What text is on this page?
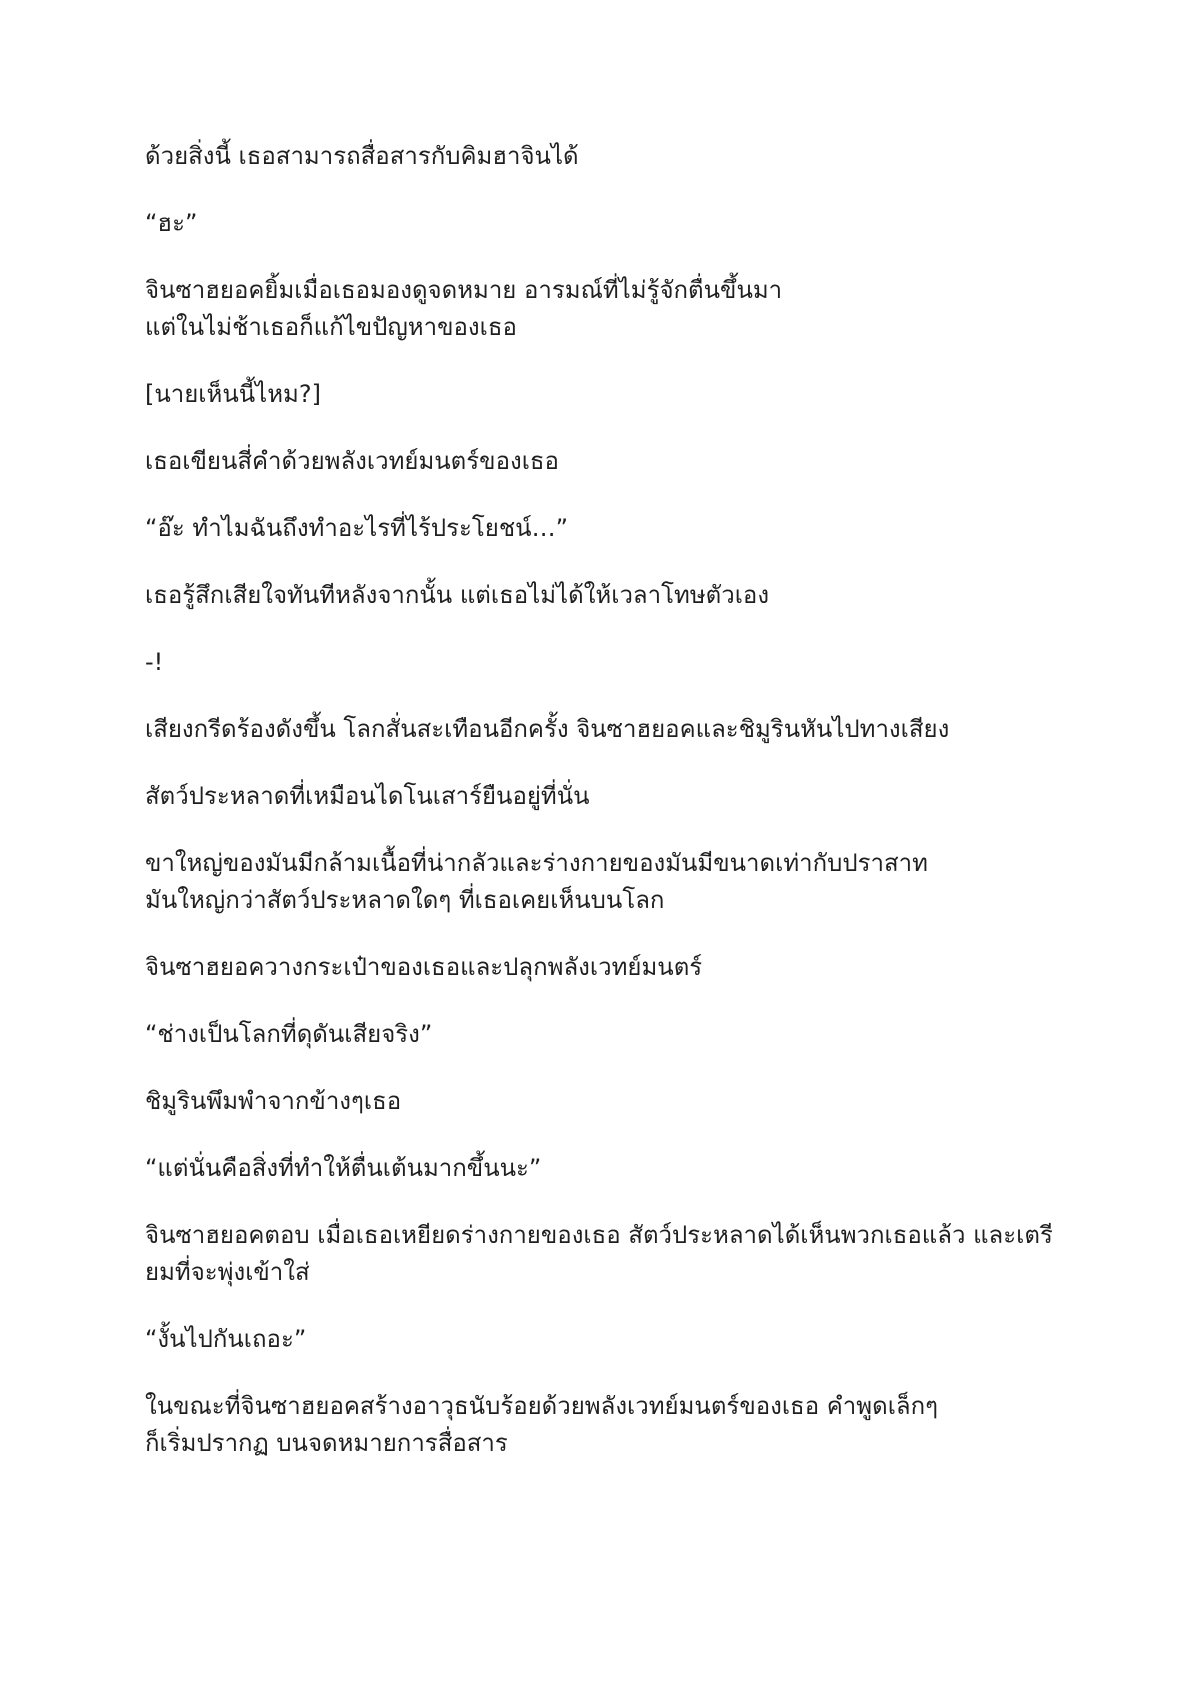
ด้วยสิ่งนี้ เธอสามารถสื่อสารกับคิมฮาจินได้

“ฮะ”

จินซาฮยอคยิ้มเมื่อเธอมองดูจดหมาย อารมณ์ที่ไม่รู้จักตื่นขึ้นมา
แต่ในไม่ช้าเธอก็แก้ไขปัญหาของเธอ

[นายเห็นนี้ไหม?]

เธอเขียนสี่คำด้วยพลังเวทย์มนตร์ของเธอ

“อ๊ะ ทำไมฉันถึงทำอะไรที่ไร้ประโยชน์…”

เธอรู้สึกเสียใจทันทีหลังจากนั้น แต่เธอไม่ได้ให้เวลาโทษตัวเอง

-!

เสียงกรีดร้องดังขึ้น โลกสั่นสะเทือนอีกครั้ง จินซาฮยอคและชิมูรินหันไปทางเสียง

สัตว์ประหลาดที่เหมือนไดโนเสาร์ยืนอยู่ที่นั่น

ขาใหญ่ของมันมีกล้ามเนื้อที่น่ากลัวและร่างกายของมันมีขนาดเท่ากับปราสาท
มันใหญ่กว่าสัตว์ประหลาดใดๆ ที่เธอเคยเห็นบนโลก

จินซาฮยอควางกระเป๋าของเธอและปลุกพลังเวทย์มนตร์

“ช่างเป็นโลกที่ดุดันเสียจริง”

ชิมูรินพึมพำจากข้างๆเธอ

“แต่นั่นคือสิ่งที่ทำให้ตื่นเต้นมากขึ้นนะ”

จินซาฮยอคตอบ เมื่อเธอเหยียดร่างกายของเธอ สัตว์ประหลาดได้เห็นพวกเธอแล้ว และเตรี
ยมที่จะพุ่งเข้าใส่

“งั้นไปกันเถอะ”

ในขณะที่จินซาฮยอคสร้างอาวุธนับร้อยด้วยพลังเวทย์มนตร์ของเธอ คำพูดเล็กๆ
ก็เริ่มปรากฏ บนจดหมายการสื่อสาร
